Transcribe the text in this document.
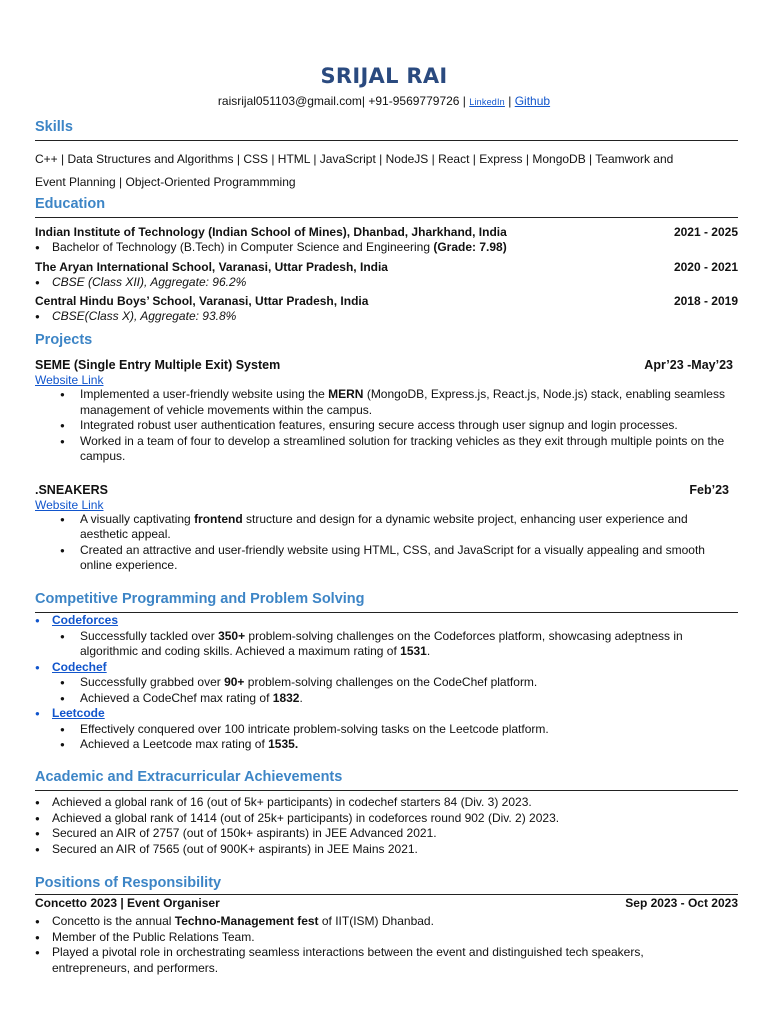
SRIJAL RAI
raisrijal051103@gmail.com| +91-9569779726 | LinkedIn | Github
Skills
C++ | Data Structures and Algorithms | CSS | HTML | JavaScript | NodeJS | React | Express | MongoDB | Teamwork and
Event Planning | Object-Oriented Programmming
Education
Indian Institute of Technology (Indian School of Mines), Dhanbad, Jharkhand, India	2021 - 2025
● Bachelor of Technology (B.Tech) in Computer Science and Engineering (Grade: 7.98)
The Aryan International School, Varanasi, Uttar Pradesh, India	2020 - 2021
● CBSE (Class XII), Aggregate: 96.2%
Central Hindu Boys’ School, Varanasi, Uttar Pradesh, India	2018 - 2019
● CBSE(Class X), Aggregate: 93.8%
Projects
SEME (Single Entry Multiple Exit) System	Apr’23 -May’23
Website Link
● Implemented a user-friendly website using the MERN (MongoDB, Express.js, React.js, Node.js) stack, enabling seamless management of vehicle movements within the campus.
● Integrated robust user authentication features, ensuring secure access through user signup and login processes.
● Worked in a team of four to develop a streamlined solution for tracking vehicles as they exit through multiple points on the campus.
.SNEAKERS	Feb’23
Website Link
● A visually captivating frontend structure and design for a dynamic website project, enhancing user experience and aesthetic appeal.
● Created an attractive and user-friendly website using HTML, CSS, and JavaScript for a visually appealing and smooth online experience.
Competitive Programming and Problem Solving
● Codeforces
● Successfully tackled over 350+ problem-solving challenges on the Codeforces platform, showcasing adeptness in algorithmic and coding skills. Achieved a maximum rating of 1531.
● Codechef
● Successfully grabbed over 90+ problem-solving challenges on the CodeChef platform.
● Achieved a CodeChef max rating of 1832.
● Leetcode
● Effectively conquered over 100 intricate problem-solving tasks on the Leetcode platform.
● Achieved a Leetcode max rating of 1535.
Academic and Extracurricular Achievements
● Achieved a global rank of 16 (out of 5k+ participants) in codechef starters 84 (Div. 3) 2023.
● Achieved a global rank of 1414 (out of 25k+ participants) in codeforces round 902 (Div. 2) 2023.
● Secured an AIR of 2757 (out of 150k+ aspirants) in JEE Advanced 2021.
● Secured an AIR of 7565 (out of 900K+ aspirants) in JEE Mains 2021.
Positions of Responsibility
Concetto 2023 | Event Organiser	Sep 2023 - Oct 2023
● Concetto is the annual Techno-Management fest of IIT(ISM) Dhanbad.
● Member of the Public Relations Team.
● Played a pivotal role in orchestrating seamless interactions between the event and distinguished tech speakers, entrepreneurs, and performers.
